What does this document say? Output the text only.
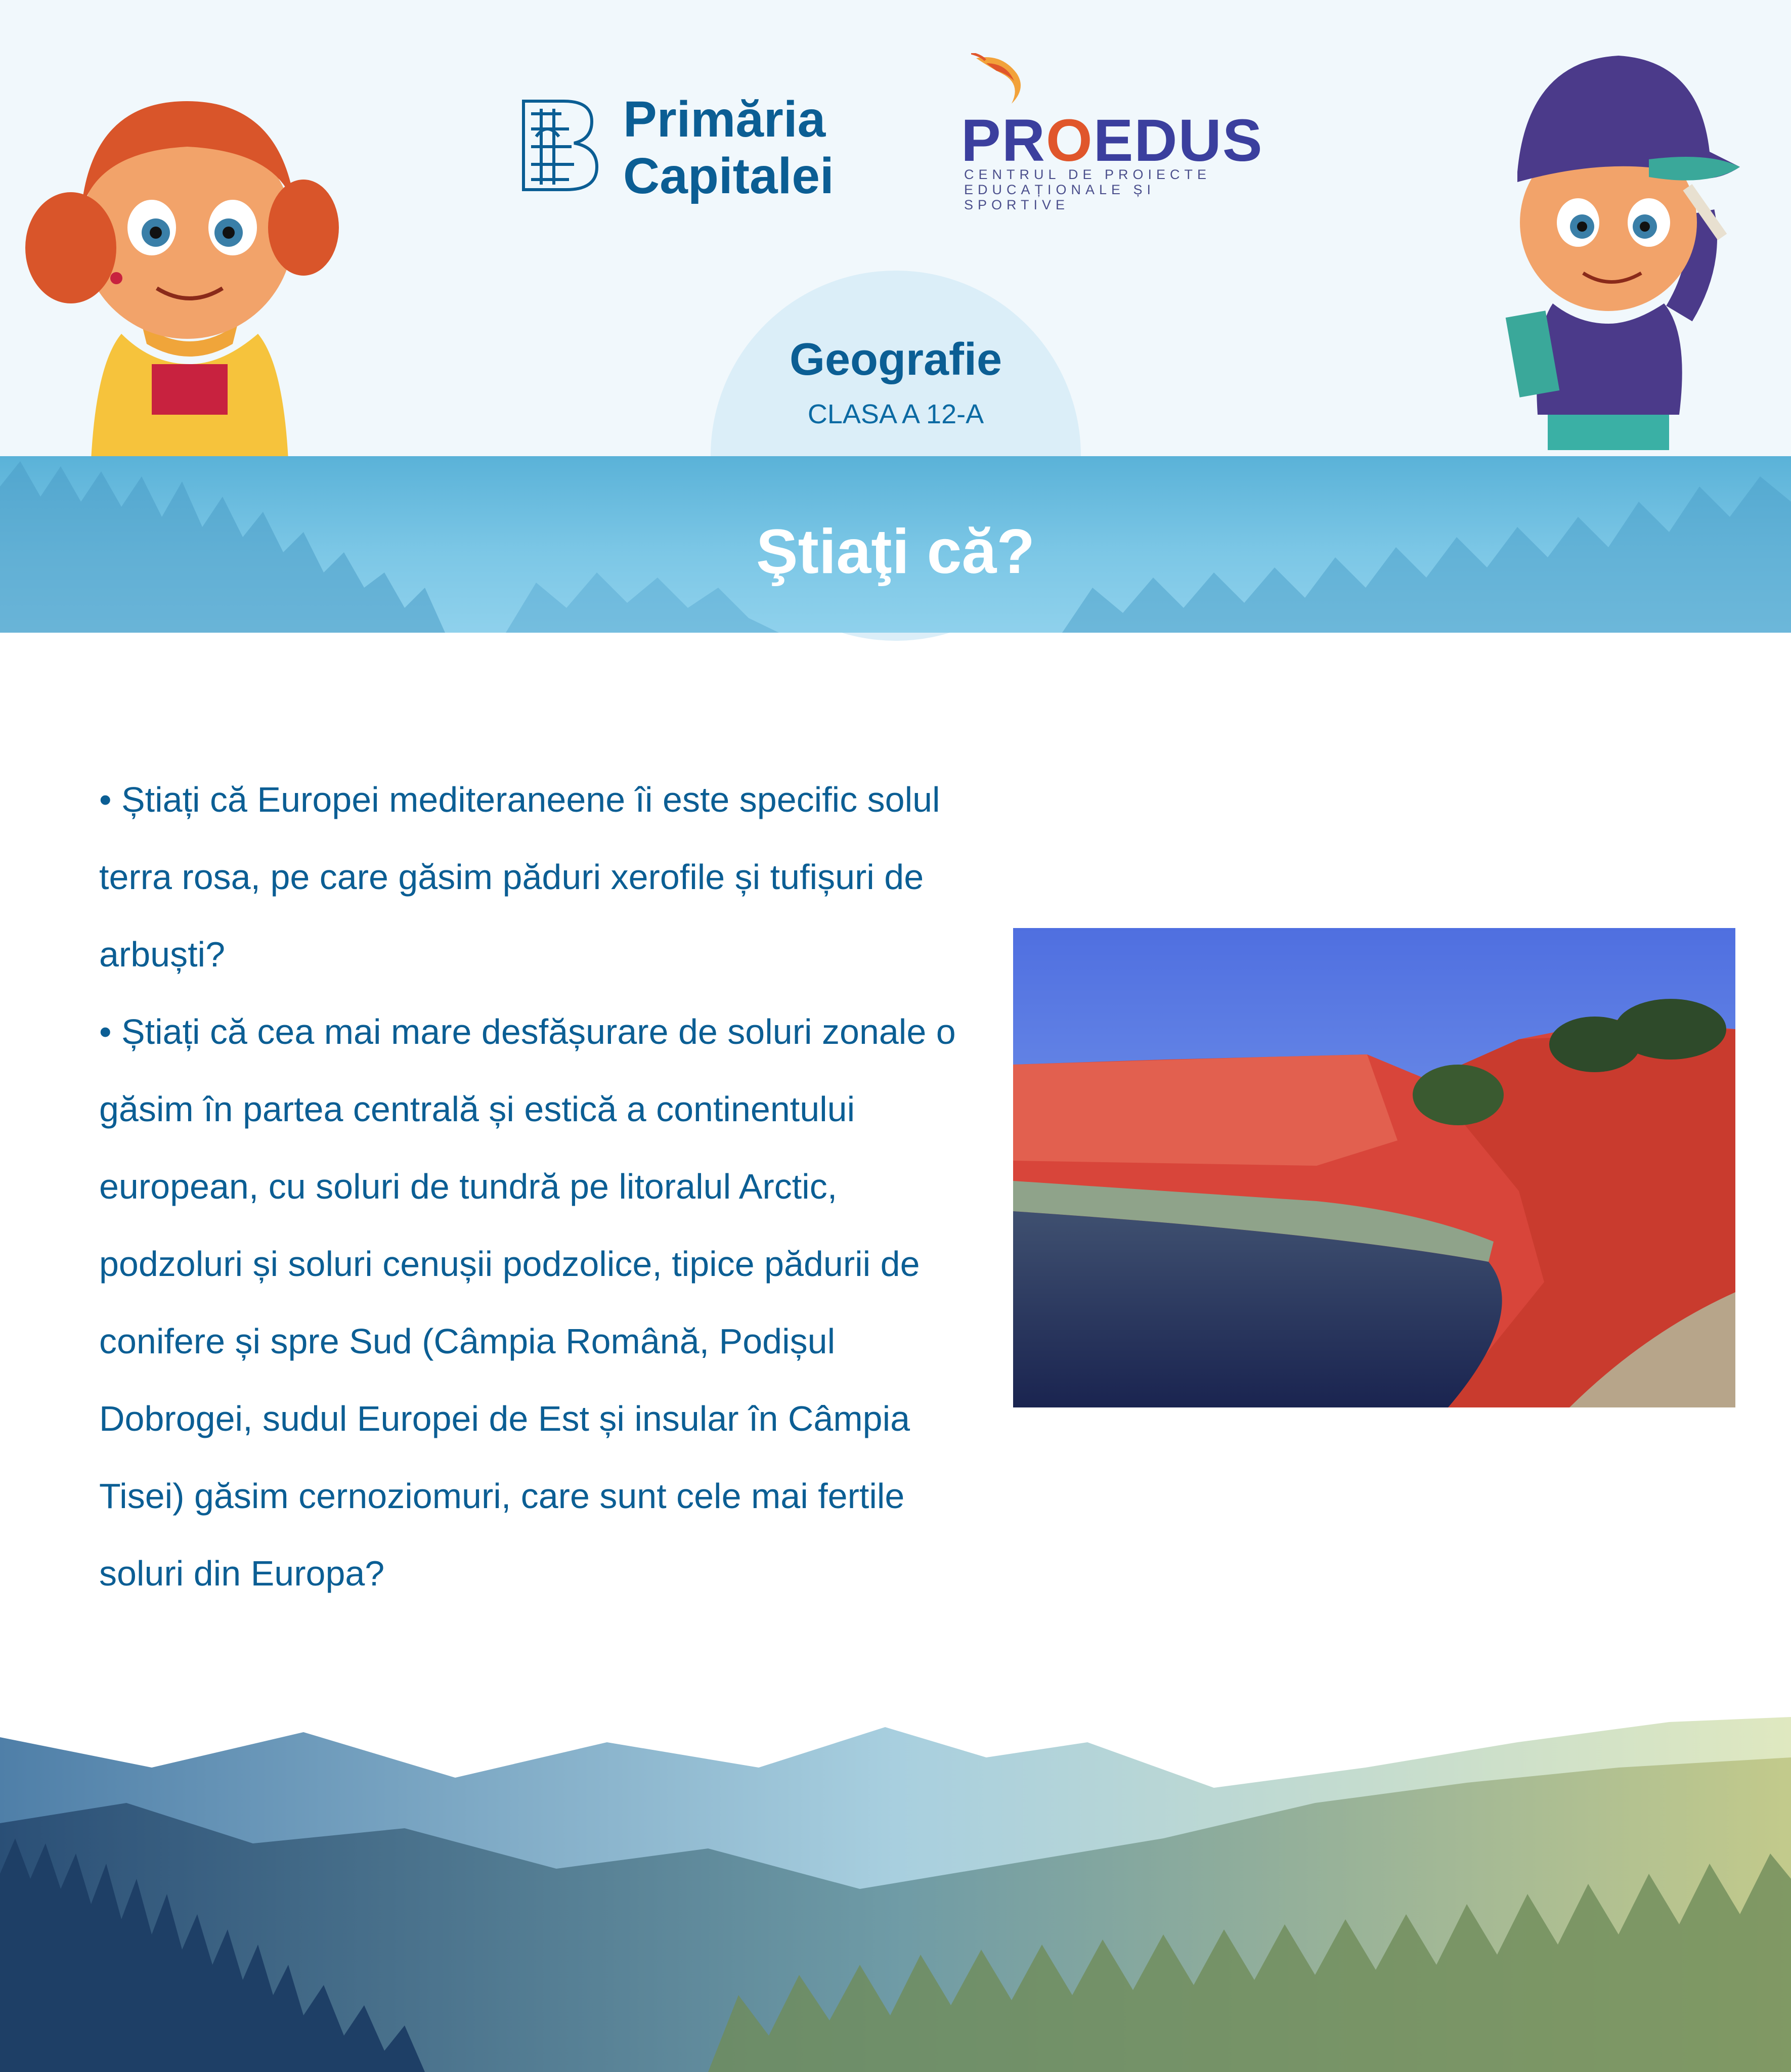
Primăria
Capitalei
PROEDUS
CENTRUL DE PROIECTE
EDUCAȚIONALE ȘI SPORTIVE
Geografie
CLASA A 12-A
Ştiaţi că?

• Știați că Europei mediteraneene îi este specific solul terra rosa, pe care găsim păduri xerofile și tufișuri de arbuști?

• Știați că cea mai mare desfășurare de soluri zonale o găsim în partea centrală și estică a continentului european, cu soluri de tundră pe litoralul Arctic, podzoluri și soluri cenușii podzolice, tipice pădurii de conifere și spre Sud (Câmpia Română, Podișul Dobrogei, sudul Europei de Est și insular în Câmpia Tisei) găsim cernoziomuri, care sunt cele mai fertile soluri din Europa?
